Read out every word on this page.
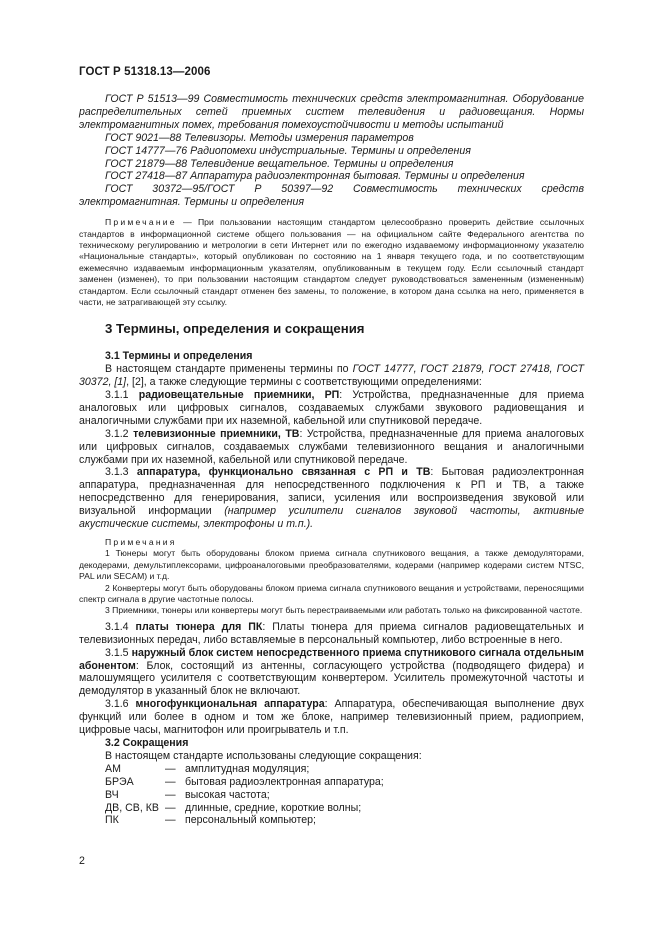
ГОСТ Р 51318.13—2006

ГОСТ Р 51513—99 Совместимость технических средств электромагнитная. Оборудование распределительных сетей приемных систем телевидения и радиовещания. Нормы электромагнитных помех, требования помехоустойчивости и методы испытаний

ГОСТ 9021—88 Телевизоры. Методы измерения параметров

ГОСТ 14777—76 Радиопомехи индустриальные. Термины и определения

ГОСТ 21879—88 Телевидение вещательное. Термины и определения

ГОСТ 27418—87 Аппаратура радиоэлектронная бытовая. Термины и определения

ГОСТ 30372—95/ГОСТ Р 50397—92 Совместимость технических средств электромагнитная. Термины и определения

Примечание — При пользовании настоящим стандартом целесообразно проверить действие ссылочных стандартов в информационной системе общего пользования — на официальном сайте Федерального агентства по техническому регулированию и метрологии в сети Интернет или по ежегодно издаваемому информационному указателю «Национальные стандарты», который опубликован по состоянию на 1 января текущего года, и по соответствующим ежемесячно издаваемым информационным указателям, опубликованным в текущем году. Если ссылочный стандарт заменен (изменен), то при пользовании настоящим стандартом следует руководствоваться замененным (измененным) стандартом. Если ссылочный стандарт отменен без замены, то положение, в котором дана ссылка на него, применяется в части, не затрагивающей эту ссылку.

3 Термины, определения и сокращения

3.1 Термины и определения

В настоящем стандарте применены термины по ГОСТ 14777, ГОСТ 21879, ГОСТ 27418, ГОСТ 30372, [1], [2], а также следующие термины с соответствующими определениями:

3.1.1 радиовещательные приемники, РП: Устройства, предназначенные для приема аналоговых или цифровых сигналов, создаваемых службами звукового радиовещания и аналогичными службами при их наземной, кабельной или спутниковой передаче.

3.1.2 телевизионные приемники, ТВ: Устройства, предназначенные для приема аналоговых или цифровых сигналов, создаваемых службами телевизионного вещания и аналогичными службами при их наземной, кабельной или спутниковой передаче.

3.1.3 аппаратура, функционально связанная с РП и ТВ: Бытовая радиоэлектронная аппаратура, предназначенная для непосредственного подключения к РП и ТВ, а также непосредственно для генерирования, записи, усиления или воспроизведения звуковой или визуальной информации (например усилители сигналов звуковой частоты, активные акустические системы, электрофоны и т.п.).

Примечания

1 Тюнеры могут быть оборудованы блоком приема сигнала спутникового вещания, а также демодуляторами, декодерами, демультиплексорами, цифроаналоговыми преобразователями, кодерами (например кодерами систем NTSC, PAL или SECAM) и т.д.

2 Конвертеры могут быть оборудованы блоком приема сигнала спутникового вещания и устройствами, переносящими спектр сигнала в другие частотные полосы.

3 Приемники, тюнеры или конвертеры могут быть перестраиваемыми или работать только на фиксированной частоте.

3.1.4 платы тюнера для ПК: Платы тюнера для приема сигналов радиовещательных и телевизионных передач, либо вставляемые в персональный компьютер, либо встроенные в него.

3.1.5 наружный блок систем непосредственного приема спутникового сигнала отдельным абонентом: Блок, состоящий из антенны, согласующего устройства (подводящего фидера) и малошумящего усилителя с соответствующим конвертером. Усилитель промежуточной частоты и демодулятор в указанный блок не включают.

3.1.6 многофункциональная аппаратура: Аппаратура, обеспечивающая выполнение двух функций или более в одном и том же блоке, например телевизионный прием, радиоприем, цифровые часы, магнитофон или проигрыватель и т.п.

3.2 Сокращения

В настоящем стандарте использованы следующие сокращения:

АМ	—	амплитудная модуляция;
БРЭА	—	бытовая радиоэлектронная аппаратура;
ВЧ	—	высокая частота;
ДВ, СВ, КВ	—	длинные, средние, короткие волны;
ПК	—	персональный компьютер;
2
